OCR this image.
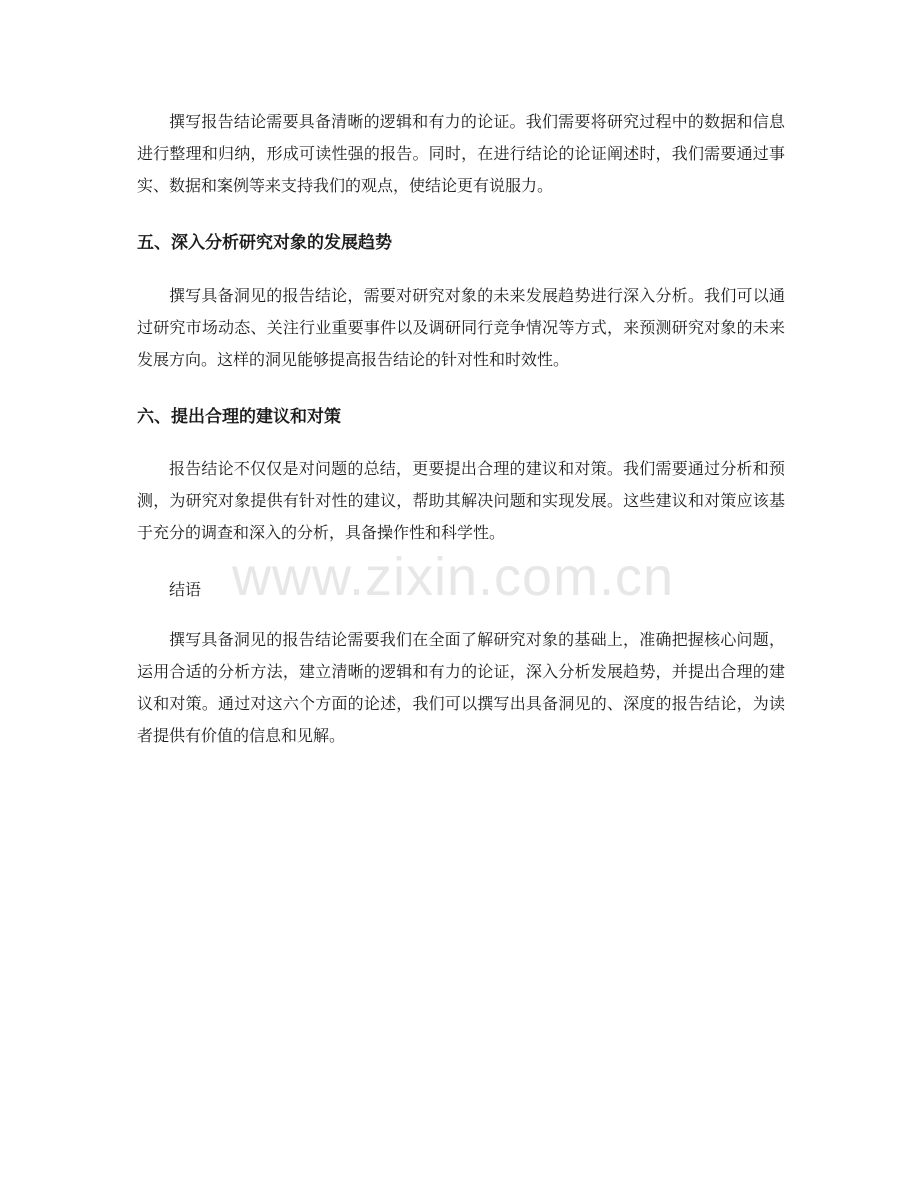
撰写报告结论需要具备清晰的逻辑和有力的论证。我们需要将研究过程中的数据和信息进行整理和归纳，形成可读性强的报告。同时，在进行结论的论证阐述时，我们需要通过事实、数据和案例等来支持我们的观点，使结论更有说服力。

五、深入分析研究对象的发展趋势

撰写具备洞见的报告结论，需要对研究对象的未来发展趋势进行深入分析。我们可以通过研究市场动态、关注行业重要事件以及调研同行竞争情况等方式，来预测研究对象的未来发展方向。这样的洞见能够提高报告结论的针对性和时效性。

六、提出合理的建议和对策

报告结论不仅仅是对问题的总结，更要提出合理的建议和对策。我们需要通过分析和预测，为研究对象提供有针对性的建议，帮助其解决问题和实现发展。这些建议和对策应该基于充分的调查和深入的分析，具备操作性和科学性。

结语

撰写具备洞见的报告结论需要我们在全面了解研究对象的基础上，准确把握核心问题，运用合适的分析方法，建立清晰的逻辑和有力的论证，深入分析发展趋势，并提出合理的建议和对策。通过对这六个方面的论述，我们可以撰写出具备洞见的、深度的报告结论，为读者提供有价值的信息和见解。

www.zixin.com.cn
